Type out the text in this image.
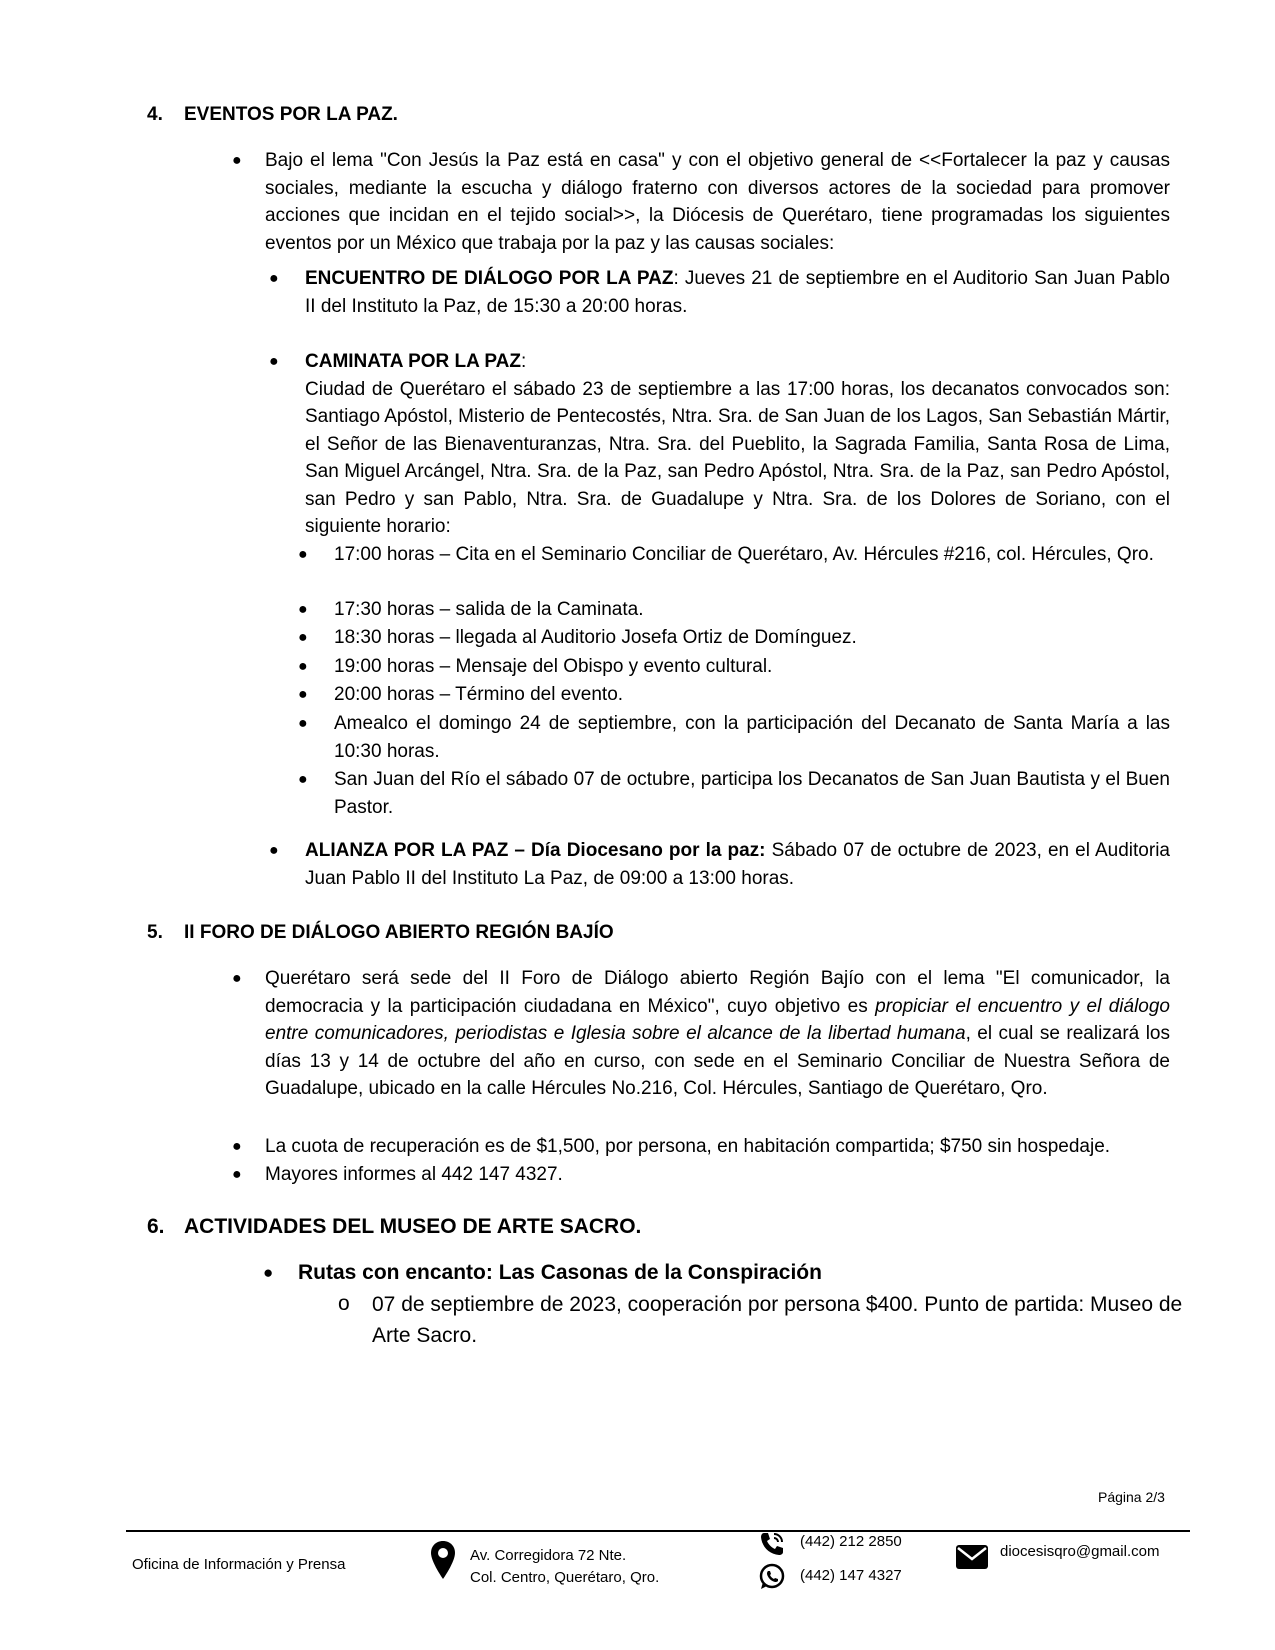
4. EVENTOS POR LA PAZ.
● Bajo el lema "Con Jesús la Paz está en casa" y con el objetivo general de <<Fortalecer la paz y causas sociales, mediante la escucha y diálogo fraterno con diversos actores de la sociedad para promover acciones que incidan en el tejido social>>, la Diócesis de Querétaro, tiene programadas los siguientes eventos por un México que trabaja por la paz y las causas sociales:
● ENCUENTRO DE DIÁLOGO POR LA PAZ: Jueves 21 de septiembre en el Auditorio San Juan Pablo II del Instituto la Paz, de 15:30 a 20:00 horas.
● CAMINATA POR LA PAZ:
Ciudad de Querétaro el sábado 23 de septiembre a las 17:00 horas, los decanatos convocados son: Santiago Apóstol, Misterio de Pentecostés, Ntra. Sra. de San Juan de los Lagos, San Sebastián Mártir, el Señor de las Bienaventuranzas, Ntra. Sra. del Pueblito, la Sagrada Familia, Santa Rosa de Lima, San Miguel Arcángel, Ntra. Sra. de la Paz, san Pedro Apóstol, Ntra. Sra. de la Paz, san Pedro Apóstol, san Pedro y san Pablo, Ntra. Sra. de Guadalupe y Ntra. Sra. de los Dolores de Soriano, con el siguiente horario:
● 17:00 horas – Cita en el Seminario Conciliar de Querétaro, Av. Hércules #216, col. Hércules, Qro.
● 17:30 horas – salida de la Caminata.
● 18:30 horas – llegada al Auditorio Josefa Ortiz de Domínguez.
● 19:00 horas – Mensaje del Obispo y evento cultural.
● 20:00 horas – Término del evento.
● Amealco el domingo 24 de septiembre, con la participación del Decanato de Santa María a las 10:30 horas.
● San Juan del Río el sábado 07 de octubre, participa los Decanatos de San Juan Bautista y el Buen Pastor.
● ALIANZA POR LA PAZ – Día Diocesano por la paz: Sábado 07 de octubre de 2023, en el Auditoria Juan Pablo II del Instituto La Paz, de 09:00 a 13:00 horas.
5. II FORO DE DIÁLOGO ABIERTO REGIÓN BAJÍO
● Querétaro será sede del II Foro de Diálogo abierto Región Bajío con el lema "El comunicador, la democracia y la participación ciudadana en México", cuyo objetivo es propiciar el encuentro y el diálogo entre comunicadores, periodistas e Iglesia sobre el alcance de la libertad humana, el cual se realizará los días 13 y 14 de octubre del año en curso, con sede en el Seminario Conciliar de Nuestra Señora de Guadalupe, ubicado en la calle Hércules No.216, Col. Hércules, Santiago de Querétaro, Qro.
● La cuota de recuperación es de $1,500, por persona, en habitación compartida; $750 sin hospedaje.
● Mayores informes al 442 147 4327.
6. ACTIVIDADES DEL MUSEO DE ARTE SACRO.
● Rutas con encanto: Las Casonas de la Conspiración
o 07 de septiembre de 2023, cooperación por persona $400. Punto de partida: Museo de Arte Sacro.
Página 2/3
Oficina de Información y Prensa
Av. Corregidora 72 Nte.
Col. Centro, Querétaro, Qro.
(442) 212 2850
(442) 147 4327
diocesisqro@gmail.com
